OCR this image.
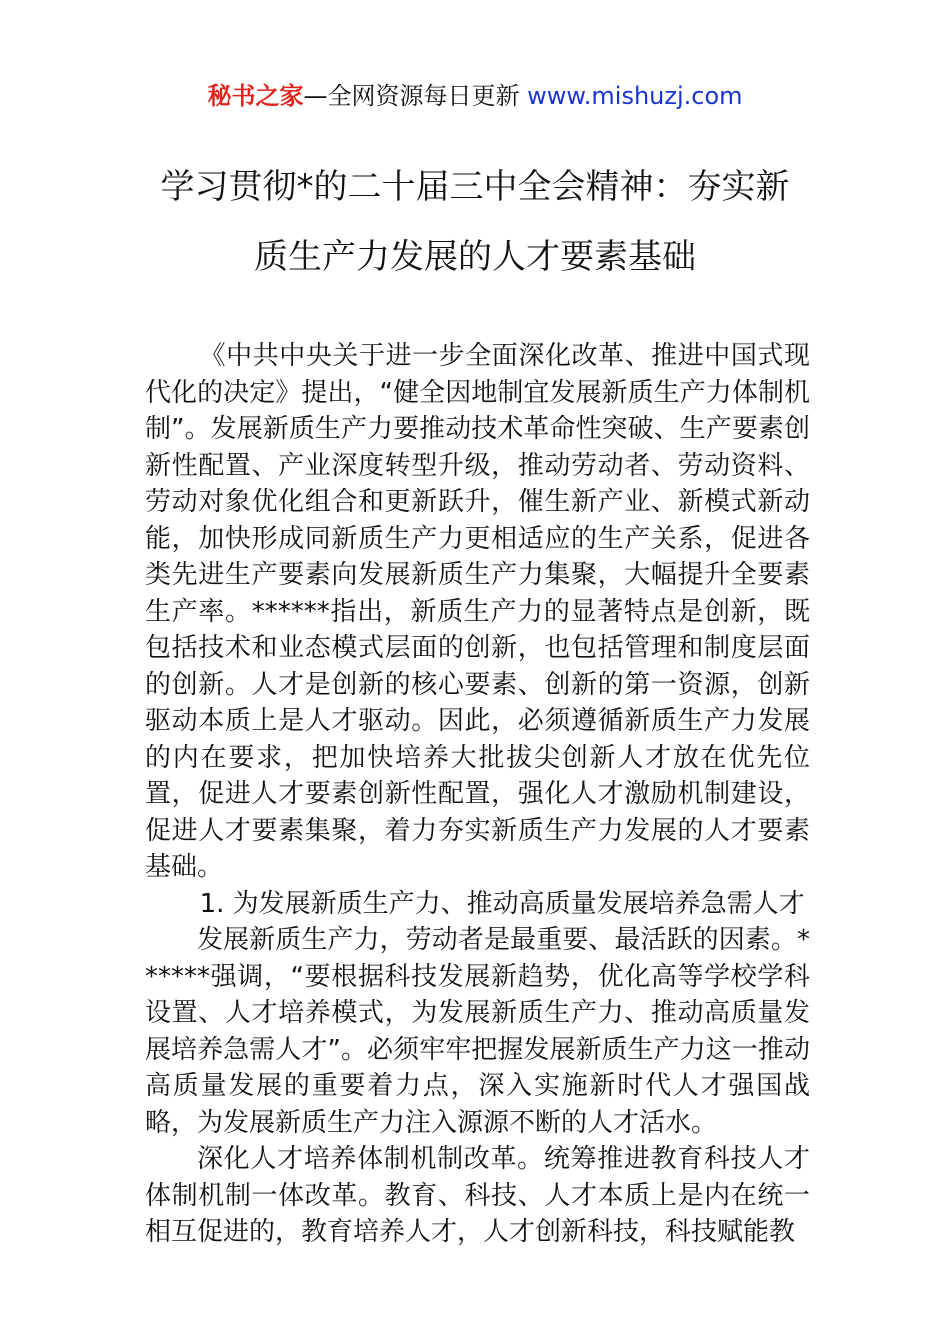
秘书之家—全网资源每日更新 www.mishuzj.com
学习贯彻*的二十届三中全会精神：夯实新
质生产力发展的人才要素基础

《中共中央关于进一步全面深化改革、推进中国式现代化的决定》提出，“健全因地制宜发展新质生产力体制机制”。发展新质生产力要推动技术革命性突破、生产要素创新性配置、产业深度转型升级，推动劳动者、劳动资料、劳动对象优化组合和更新跃升，催生新产业、新模式新动能，加快形成同新质生产力更相适应的生产关系，促进各类先进生产要素向发展新质生产力集聚，大幅提升全要素生产率。******指出，新质生产力的显著特点是创新，既包括技术和业态模式层面的创新，也包括管理和制度层面的创新。人才是创新的核心要素、创新的第一资源，创新驱动本质上是人才驱动。因此，必须遵循新质生产力发展的内在要求，把加快培养大批拔尖创新人才放在优先位置，促进人才要素创新性配置，强化人才激励机制建设，促进人才要素集聚，着力夯实新质生产力发展的人才要素基础。

1. 为发展新质生产力、推动高质量发展培养急需人才

发展新质生产力，劳动者是最重要、最活跃的因素。******强调，“要根据科技发展新趋势，优化高等学校学科设置、人才培养模式，为发展新质生产力、推动高质量发展培养急需人才”。必须牢牢把握发展新质生产力这一推动高质量发展的重要着力点，深入实施新时代人才强国战略，为发展新质生产力注入源源不断的人才活水。

深化人才培养体制机制改革。统筹推进教育科技人才体制机制一体改革。教育、科技、人才本质上是内在统一相互促进的，教育培养人才，人才创新科技，科技赋能教
